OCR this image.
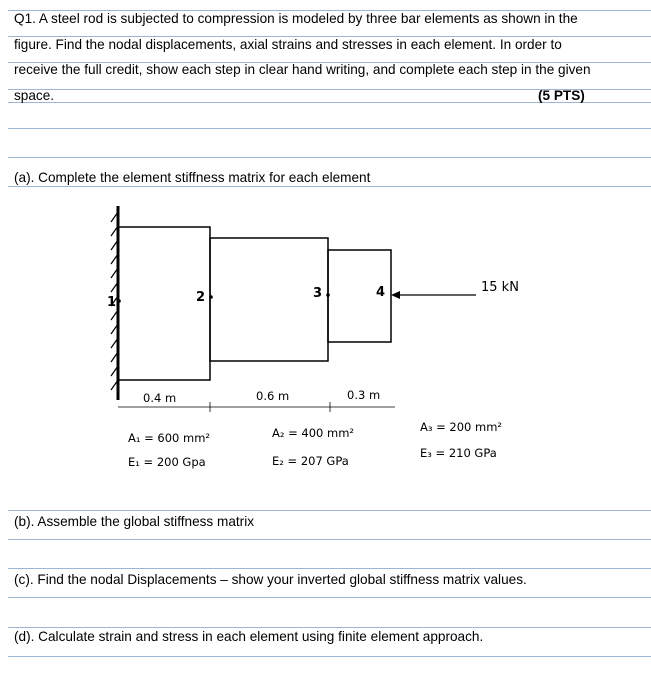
Q1. A steel rod is subjected to compression is modeled by three bar elements as shown in the
figure. Find the nodal displacements, axial strains and stresses in each element. In order to
receive the full credit, show each step in clear hand writing, and complete each step in the given
space.	(5 PTS)
(a). Complete the element stiffness matrix for each element
(b). Assemble the global stiffness matrix
(c). Find the nodal Displacements – show your inverted global stiffness matrix values.
(d). Calculate strain and stress in each element using finite element approach.
1	2	3	4	15 kN
0.4 m	0.6 m	0.3 m
A₁ = 600 mm²
E₁ = 200 Gpa
A₂ = 400 mm²
E₂ = 207 GPa
A₃ = 200 mm²
E₃ = 210 GPa
